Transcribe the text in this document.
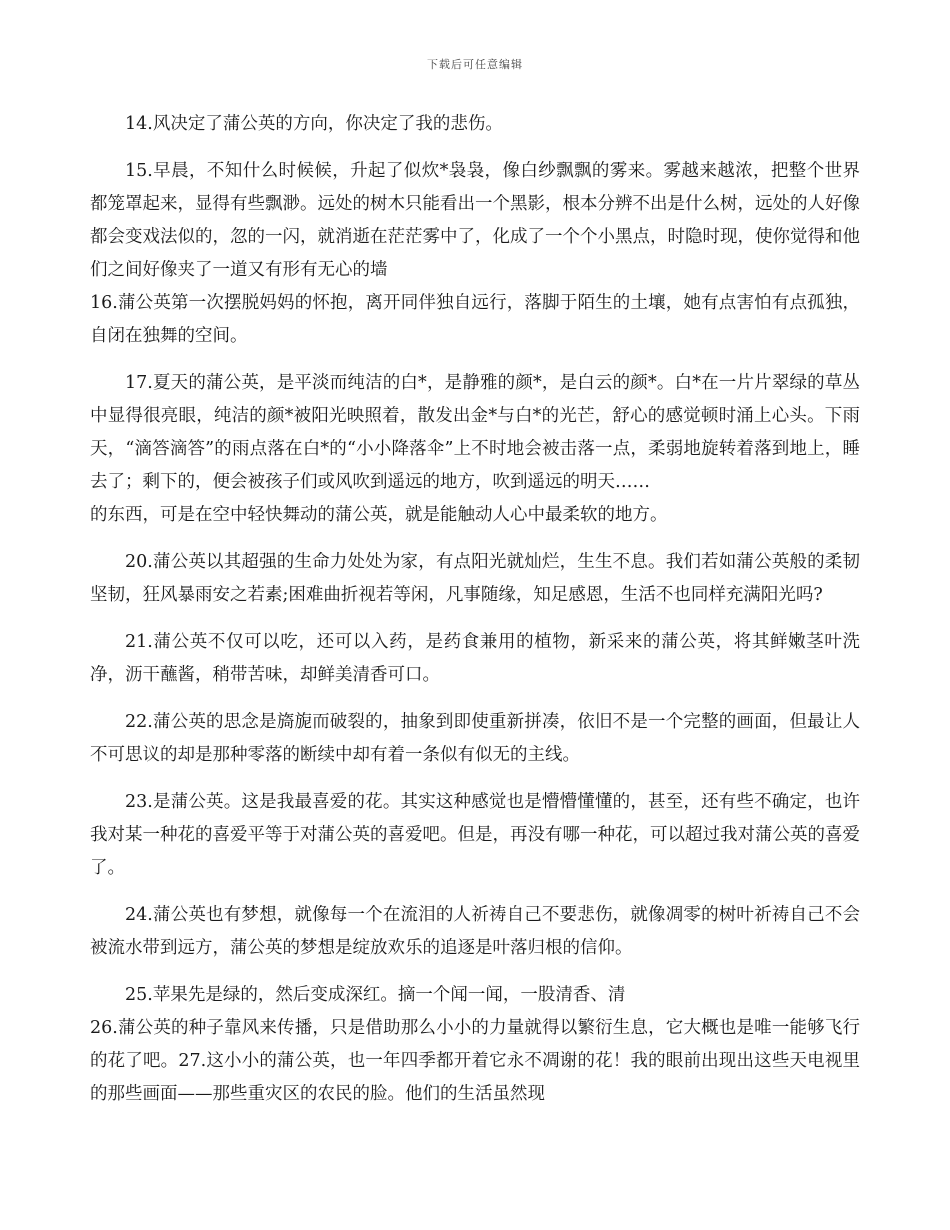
下载后可任意编辑

14.风决定了蒲公英的方向，你决定了我的悲伤。

15.早晨，不知什么时候候，升起了似炊*袅袅，像白纱飘飘的雾来。雾越来越浓，把整个世界都笼罩起来，显得有些飘渺。远处的树木只能看出一个黑影，根本分辨不出是什么树，远处的人好像都会变戏法似的，忽的一闪，就消逝在茫茫雾中了，化成了一个个小黑点，时隐时现，使你觉得和他们之间好像夹了一道又有形有无心的墙

16.蒲公英第一次摆脱妈妈的怀抱，离开同伴独自远行，落脚于陌生的土壤，她有点害怕有点孤独，自闭在独舞的空间。

17.夏天的蒲公英，是平淡而纯洁的白*，是静雅的颜*，是白云的颜*。白*在一片片翠绿的草丛中显得很亮眼，纯洁的颜*被阳光映照着，散发出金*与白*的光芒，舒心的感觉顿时涌上心头。下雨天，“滴答滴答”的雨点落在白*的“小小降落伞”上不时地会被击落一点，柔弱地旋转着落到地上，睡去了；剩下的，便会被孩子们或风吹到遥远的地方，吹到遥远的明天……

的东西，可是在空中轻快舞动的蒲公英，就是能触动人心中最柔软的地方。

20.蒲公英以其超强的生命力处处为家，有点阳光就灿烂，生生不息。我们若如蒲公英般的柔韧坚韧，狂风暴雨安之若素;困难曲折视若等闲，凡事随缘，知足感恩，生活不也同样充满阳光吗?

21.蒲公英不仅可以吃，还可以入药，是药食兼用的植物，新采来的蒲公英，将其鲜嫩茎叶洗净，沥干蘸酱，稍带苦味，却鲜美清香可口。

22.蒲公英的思念是旖旎而破裂的，抽象到即使重新拼凑，依旧不是一个完整的画面，但最让人不可思议的却是那种零落的断续中却有着一条似有似无的主线。

23.是蒲公英。这是我最喜爱的花。其实这种感觉也是懵懵懂懂的，甚至，还有些不确定，也许我对某一种花的喜爱平等于对蒲公英的喜爱吧。但是，再没有哪一种花，可以超过我对蒲公英的喜爱了。

24.蒲公英也有梦想，就像每一个在流泪的人祈祷自己不要悲伤，就像凋零的树叶祈祷自己不会被流水带到远方，蒲公英的梦想是绽放欢乐的追逐是叶落归根的信仰。

25.苹果先是绿的，然后变成深红。摘一个闻一闻，一股清香、清

26.蒲公英的种子靠风来传播，只是借助那么小小的力量就得以繁衍生息，它大概也是唯一能够飞行的花了吧。27.这小小的蒲公英，也一年四季都开着它永不凋谢的花！我的眼前出现出这些天电视里的那些画面——那些重灾区的农民的脸。他们的生活虽然现
